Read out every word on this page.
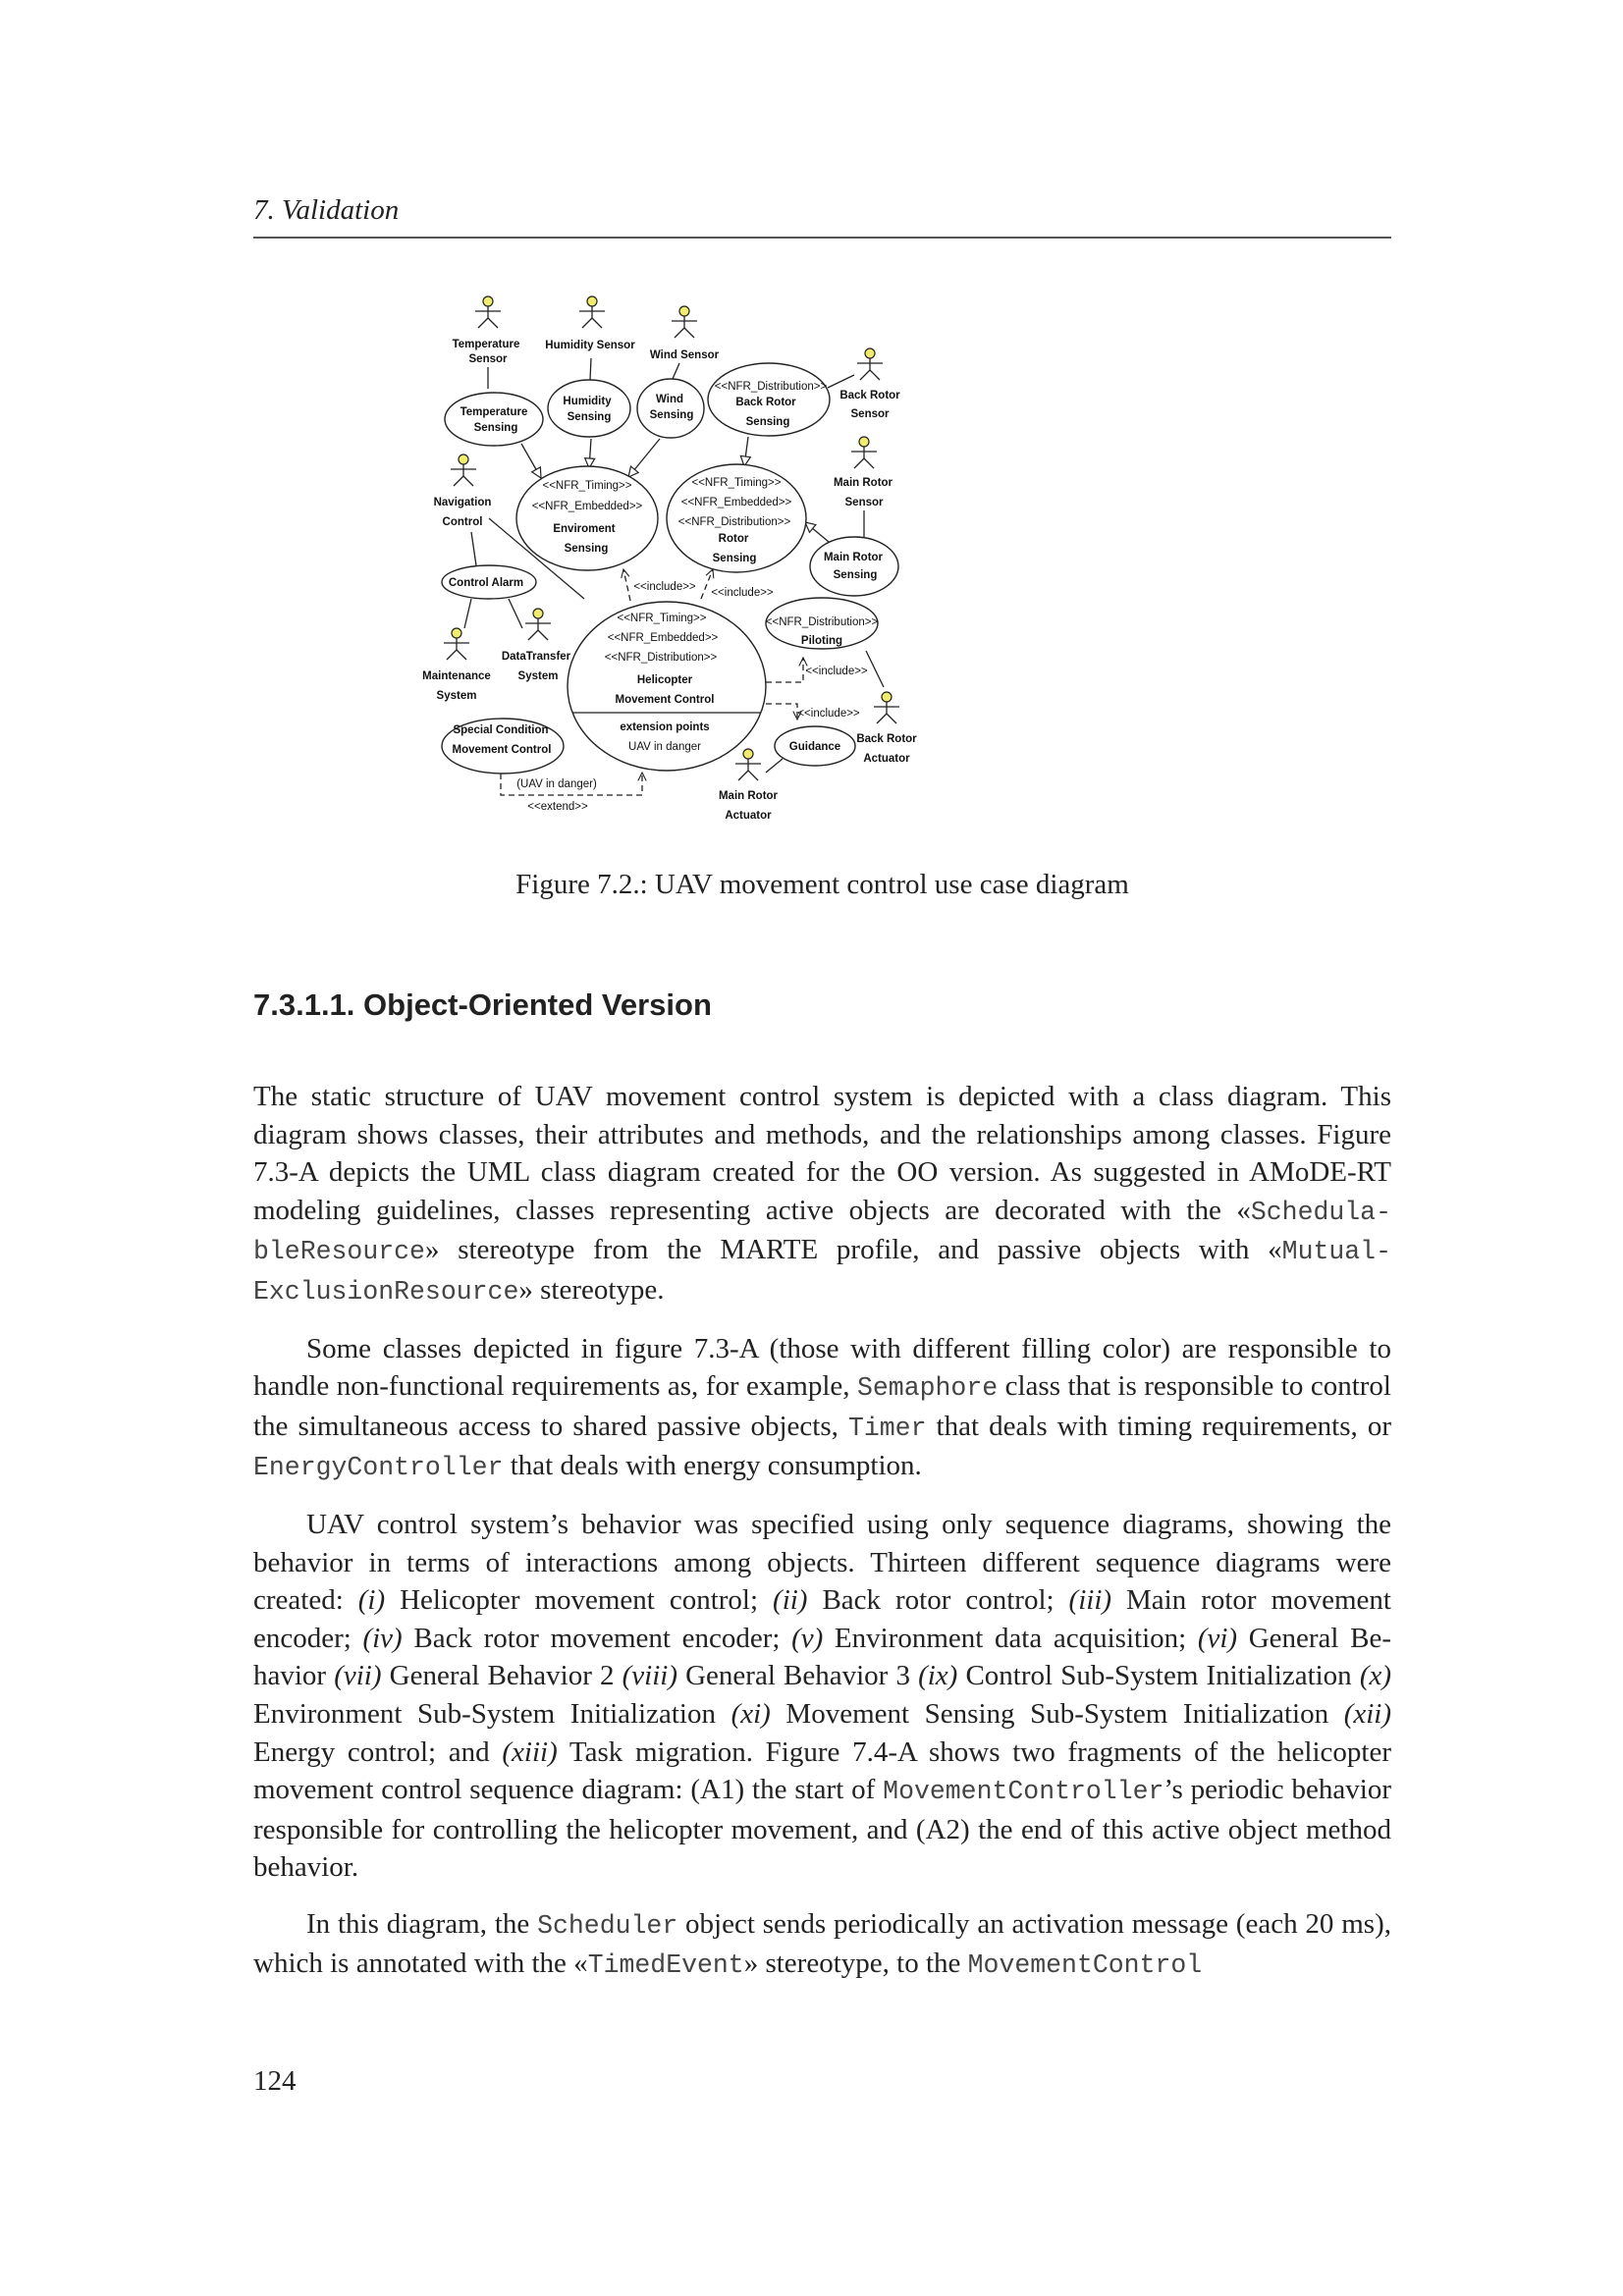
7. Validation
<<include>> <<include>>
<<include>>
<<include>>
(UAV in danger)
<<extend>>
Temperature
Sensor
Humidity Sensor
Wind Sensor
Back Rotor
Sensor
Main Rotor
Sensor
Navigation
Control
Maintenance
System
DataTransfer
System
Main Rotor
Actuator
Back Rotor
Actuator
Temperature
Sensing
Humidity
Sensing
Wind
Sensing
<<NFR_Distribution>>
Back Rotor
Sensing
<<NFR_Timing>>
<<NFR_Embedded>>
Enviroment
Sensing
<<NFR_Timing>>
<<NFR_Embedded>>
<<NFR_Distribution>>
Rotor
Sensing	Main Rotor
Sensing
Control Alarm
<<NFR_Timing>>
<<NFR_Embedded>>
<<NFR_Distribution>>
Helicopter
Movement Control
extension points
UAV in danger
<<NFR_Distribution>>
Piloting
Guidance
Special Condition
Movement Control
Figure 7.2.: UAV movement control use case diagram
7.3.1.1. Object-Oriented Version

The static structure of UAV movement control system is depicted with a class diagram. This diagram shows classes, their attributes and methods, and the relationships among classes. Figure 7.3-A depicts the UML class diagram created for the OO version. As suggested in AMoDE-RT modeling guidelines, classes representing active objects are decorated with the «SchedulableResource» stereotype from the MARTE profile, and passive objects with «MutualExclusionResource» stereotype.

Some classes depicted in figure 7.3-A (those with different filling color) are responsible to handle non-functional requirements as, for example, Semaphore class that is responsible to control the simultaneous access to shared passive objects, Timer that deals with timing requirements, or EnergyController that deals with energy consumption.

UAV control system’s behavior was specified using only sequence diagrams, showing the behavior in terms of interactions among objects. Thirteen different sequence diagrams were created: (i) Helicopter movement control; (ii) Back rotor control; (iii) Main rotor movement encoder; (iv) Back rotor movement encoder; (v) Environment data acquisition; (vi) General Behavior (vii) General Behavior 2 (viii) General Behavior 3 (ix) Control Sub-System Initialization (x) Environment Sub-System Initialization (xi) Movement Sensing Sub-System Initialization (xii) Energy control; and (xiii) Task migration. Figure 7.4-A shows two fragments of the helicopter movement control sequence diagram: (A1) the start of MovementController’s periodic behavior responsible for controlling the helicopter movement, and (A2) the end of this active object method behavior.

In this diagram, the Scheduler object sends periodically an activation message (each 20 ms), which is annotated with the «TimedEvent» stereotype, to the MovementControl

124
